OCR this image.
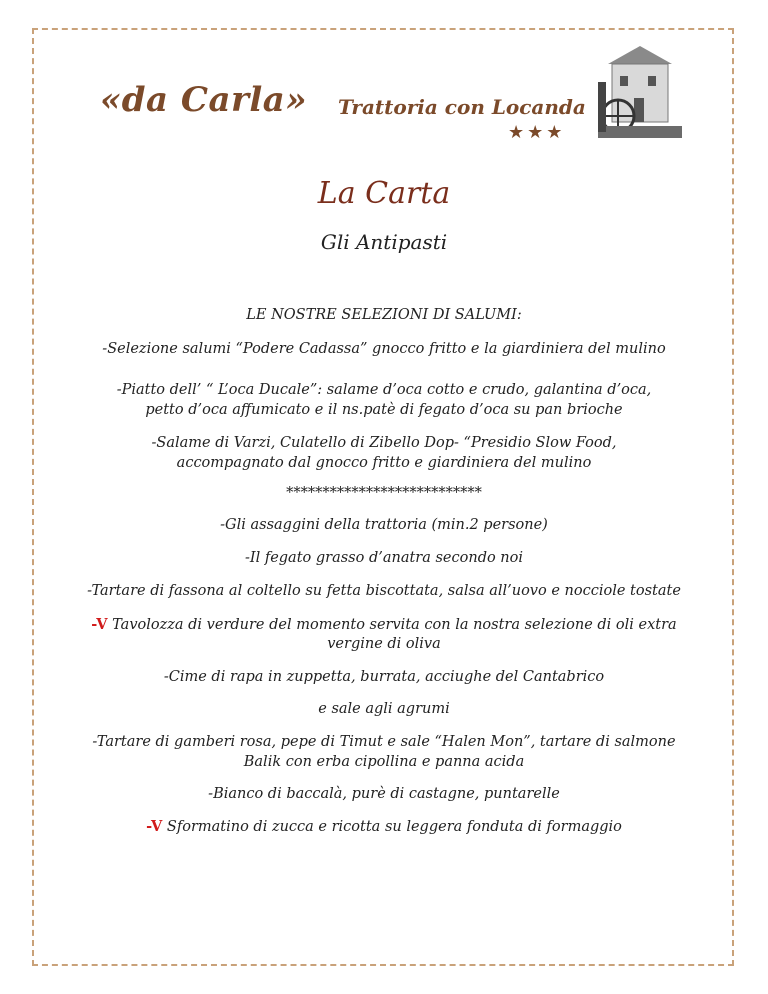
«da Carla» Trattoria con Locanda
★★★
La Carta
Gli Antipasti
LE NOSTRE SELEZIONI DI SALUMI:
-Selezione salumi “Podere Cadassa” gnocco fritto e la giardiniera del mulino
-Piatto dell’ “ L’oca Ducale”: salame d’oca cotto e crudo, galantina d’oca,
petto d’oca affumicato e il ns.patè di fegato d’oca su pan brioche
-Salame di Varzi, Culatello di Zibello Dop- “Presidio Slow Food,
accompagnato dal gnocco fritto e giardiniera del mulino
***************************
-Gli assaggini della trattoria (min.2 persone)
-Il fegato grasso d’anatra secondo noi
-Tartare di fassona al coltello su fetta biscottata, salsa all’uovo e nocciole tostate
-V Tavolozza di verdure del momento servita con la nostra selezione di oli extra
vergine di oliva
-Cime di rapa in zuppetta, burrata, acciughe del Cantabrico
e sale agli agrumi
-Tartare di gamberi rosa, pepe di Timut e sale “Halen Mon”, tartare di salmone
Balik con erba cipollina e panna acida
-Bianco di baccalà, purè di castagne, puntarelle
-V Sformatino di zucca e ricotta su leggera fonduta di formaggio
